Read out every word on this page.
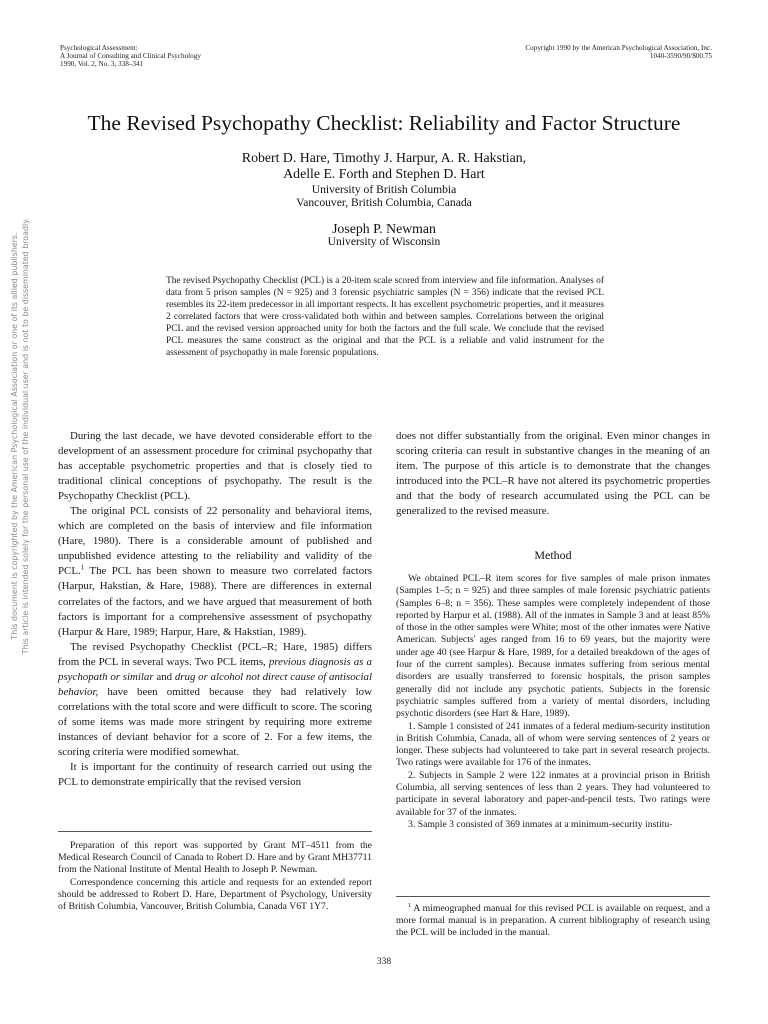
Psychological Assessment:
A Journal of Consulting and Clinical Psychology
1990, Vol. 2, No. 3, 338–341
Copyright 1990 by the American Psychological Association, Inc.
1040-3590/90/$00.75
The Revised Psychopathy Checklist: Reliability and Factor Structure
Robert D. Hare, Timothy J. Harpur, A. R. Hakstian,
Adelle E. Forth and Stephen D. Hart
University of British Columbia
Vancouver, British Columbia, Canada
Joseph P. Newman
University of Wisconsin
The revised Psychopathy Checklist (PCL) is a 20-item scale scored from interview and file information. Analyses of data from 5 prison samples (N = 925) and 3 forensic psychiatric samples (N = 356) indicate that the revised PCL resembles its 22-item predecessor in all important respects. It has excellent psychometric properties, and it measures 2 correlated factors that were cross-validated both within and between samples. Correlations between the original PCL and the revised version approached unity for both the factors and the full scale. We conclude that the revised PCL measures the same construct as the original and that the PCL is a reliable and valid instrument for the assessment of psychopathy in male forensic populations.

During the last decade, we have devoted considerable effort to the development of an assessment procedure for criminal psychopathy that has acceptable psychometric properties and that is closely tied to traditional clinical conceptions of psychopathy. The result is the Psychopathy Checklist (PCL).

The original PCL consists of 22 personality and behavioral items, which are completed on the basis of interview and file information (Hare, 1980). There is a considerable amount of published and unpublished evidence attesting to the reliability and validity of the PCL.$^1$ The PCL has been shown to measure two correlated factors (Harpur, Hakstian, & Hare, 1988). There are differences in external correlates of the factors, and we have argued that measurement of both factors is important for a comprehensive assessment of psychopathy (Harpur & Hare, 1989; Harpur, Hare, & Hakstian, 1989).

The revised Psychopathy Checklist (PCL–R; Hare, 1985) differs from the PCL in several ways. Two PCL items, previous diagnosis as a psychopath or similar and drug or alcohol not direct cause of antisocial behavior, have been omitted because they had relatively low correlations with the total score and were difficult to score. The scoring of some items was made more stringent by requiring more extreme instances of deviant behavior for a score of 2. For a few items, the scoring criteria were modified somewhat.

It is important for the continuity of research carried out using the PCL to demonstrate empirically that the revised version

does not differ substantially from the original. Even minor changes in scoring criteria can result in substantive changes in the meaning of an item. The purpose of this article is to demonstrate that the changes introduced into the PCL–R have not altered its psychometric properties and that the body of research accumulated using the PCL can be generalized to the revised measure.

Method

We obtained PCL–R item scores for five samples of male prison inmates (Samples 1–5; n = 925) and three samples of male forensic psychiatric patients (Samples 6–8; n = 356). These samples were completely independent of those reported by Harpur et al. (1988). All of the inmates in Sample 3 and at least 85% of those in the other samples were White; most of the other inmates were Native American. Subjects' ages ranged from 16 to 69 years, but the majority were under age 40 (see Harpur & Hare, 1989, for a detailed breakdown of the ages of four of the current samples). Because inmates suffering from serious mental disorders are usually transferred to forensic hospitals, the prison samples generally did not include any psychotic patients. Subjects in the forensic psychiatric samples suffered from a variety of mental disorders, including psychotic disorders (see Hart & Hare, 1989).

1. Sample 1 consisted of 241 inmates of a federal medium-security institution in British Columbia, Canada, all of whom were serving sentences of 2 years or longer. These subjects had volunteered to take part in several research projects. Two ratings were available for 176 of the inmates.

2. Subjects in Sample 2 were 122 inmates at a provincial prison in British Columbia, all serving sentences of less than 2 years. They had volunteered to participate in several laboratory and paper-and-pencil tests. Two ratings were available for 37 of the inmates.

3. Sample 3 consisted of 369 inmates at a minimum-security institu-

Preparation of this report was supported by Grant MT–4511 from the Medical Research Council of Canada to Robert D. Hare and by Grant MH37711 from the National Institute of Mental Health to Joseph P. Newman.

Correspondence concerning this article and requests for an extended report should be addressed to Robert D. Hare, Department of Psychology, University of British Columbia, Vancouver, British Columbia, Canada V6T 1Y7.	$^1$ A mimeographed manual for this revised PCL is available on request, and a more formal manual is in preparation. A current bibliography of research using the PCL will be included in the manual.

338
This document is copyrighted by the American Psychological Association or one of its allied publishers. This article is intended solely for the personal use of the individual user and is not to be disseminated broadly.
